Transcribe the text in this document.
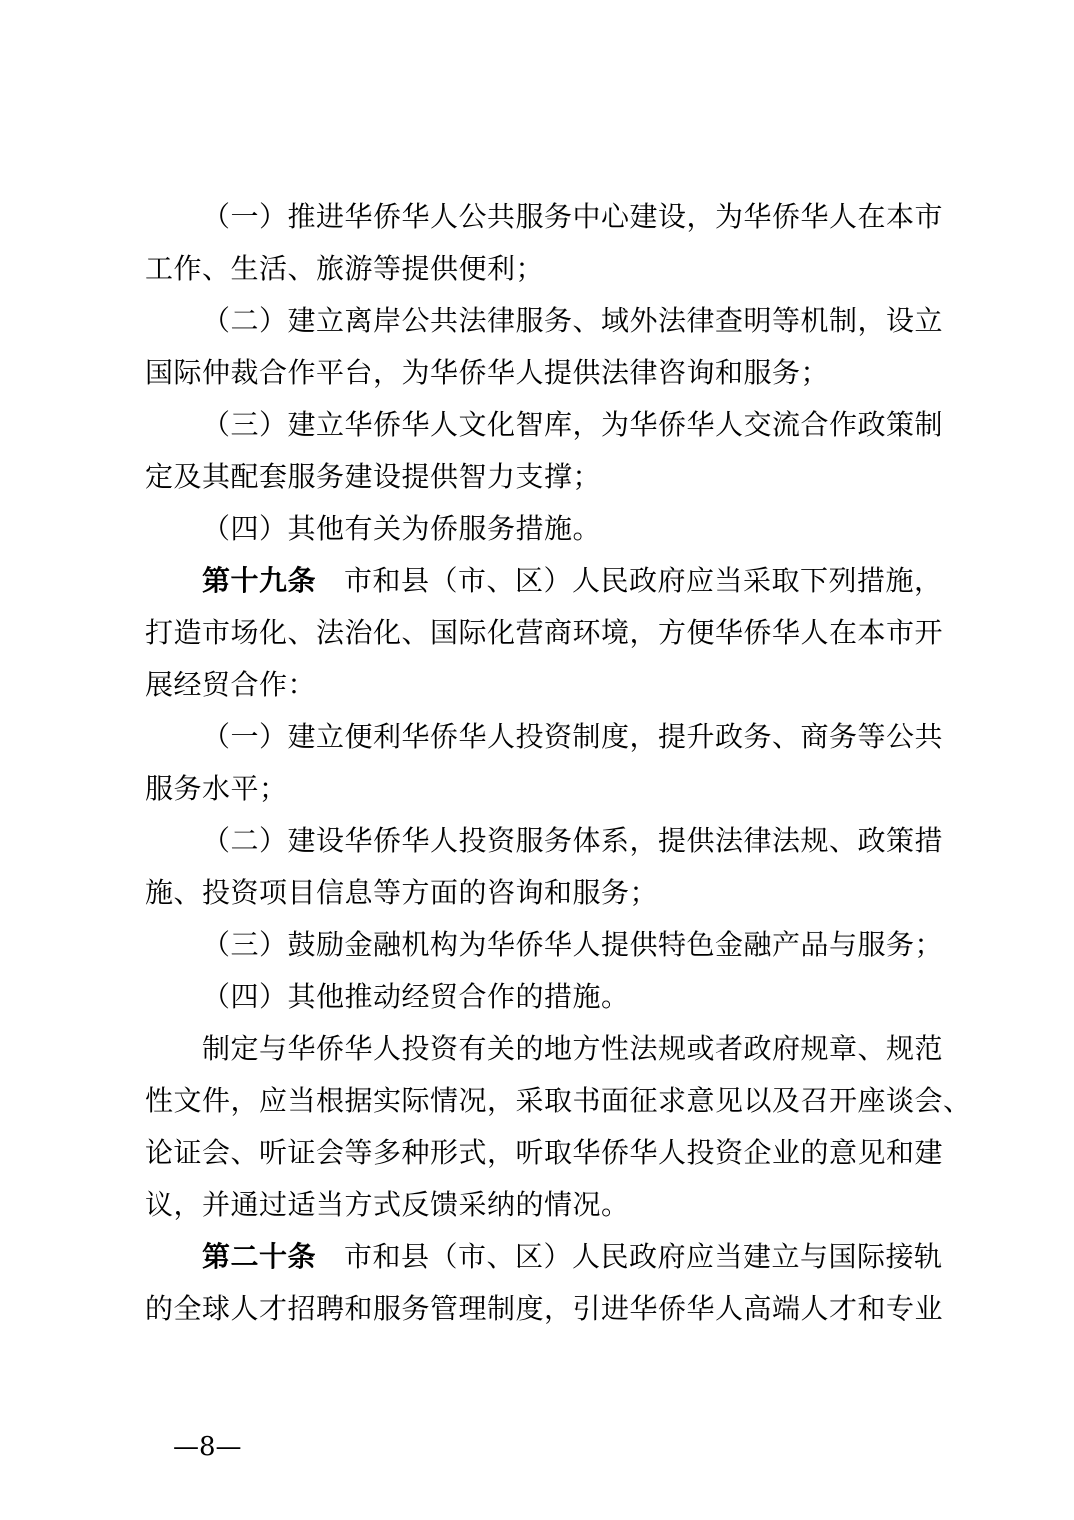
（一）推进华侨华人公共服务中心建设，为华侨华人在本市
工作、生活、旅游等提供便利；
（二）建立离岸公共法律服务、域外法律查明等机制，设立
国际仲裁合作平台，为华侨华人提供法律咨询和服务；
（三）建立华侨华人文化智库，为华侨华人交流合作政策制
定及其配套服务建设提供智力支撑；
（四）其他有关为侨服务措施。
第十九条 市和县（市、区）人民政府应当采取下列措施，
打造市场化、法治化、国际化营商环境，方便华侨华人在本市开
展经贸合作：
（一）建立便利华侨华人投资制度，提升政务、商务等公共
服务水平；
（二）建设华侨华人投资服务体系，提供法律法规、政策措
施、投资项目信息等方面的咨询和服务；
（三）鼓励金融机构为华侨华人提供特色金融产品与服务；
（四）其他推动经贸合作的措施。
制定与华侨华人投资有关的地方性法规或者政府规章、规范
性文件，应当根据实际情况，采取书面征求意见以及召开座谈会、
论证会、听证会等多种形式，听取华侨华人投资企业的意见和建
议，并通过适当方式反馈采纳的情况。
第二十条 市和县（市、区）人民政府应当建立与国际接轨
的全球人才招聘和服务管理制度，引进华侨华人高端人才和专业
—8—
